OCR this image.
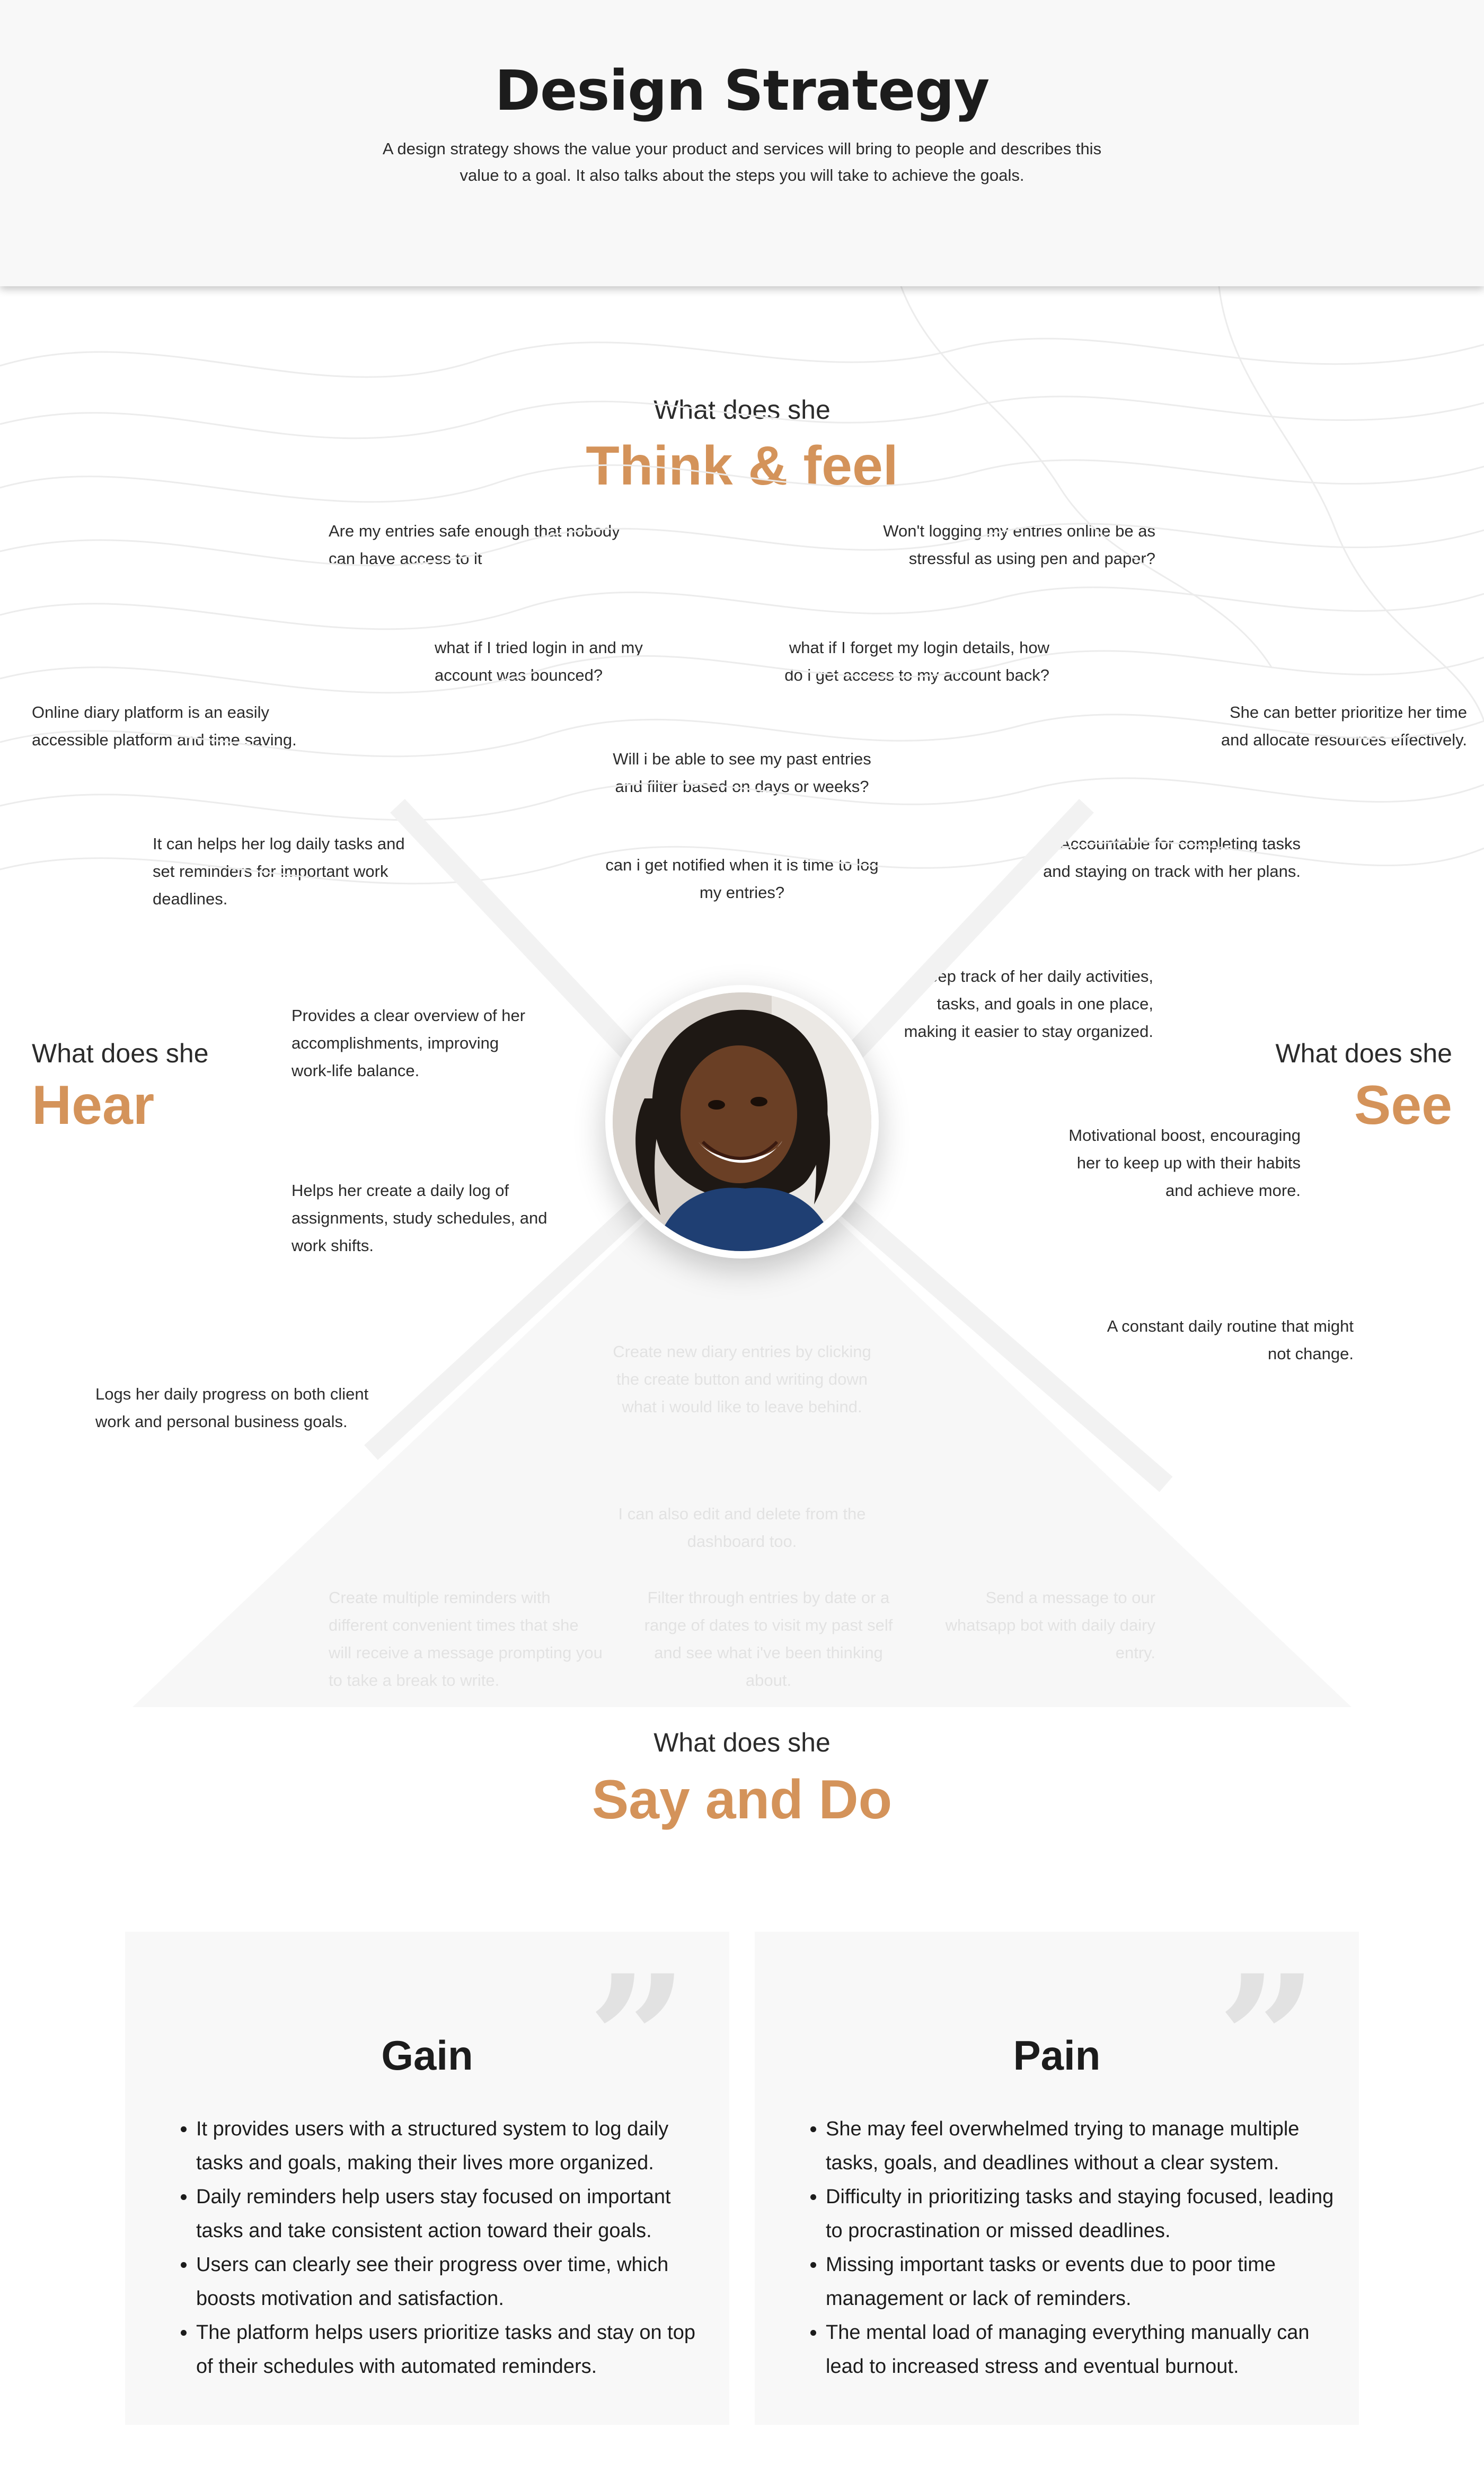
Design Strategy

A design strategy shows the value your product and services will bring to people and describes this value to a goal. It also talks about the steps you will take to achieve the goals.

What does she
Think & feel

Are my entries safe enough that nobody can have access to it

Won't logging my entries online be as stressful as using pen and paper?

what if I tried login in and my account was bounced?

what if I forget my login details, how do i get access to my account back?

Will i be able to see my past entries and filter based on days or weeks?

can i get notified when it is time to log my entries?

What does she
Hear

Online diary platform is an easily accessible platform and time saving.

It can helps her log daily tasks and set reminders for important work deadlines.

Provides a clear overview of her accomplishments, improving work-life balance.

Helps her create a daily log of assignments, study schedules, and work shifts.

Logs her daily progress on both client work and personal business goals.

What does she
See

She can better prioritize her time and allocate resources effectively.

Accountable for completing tasks and staying on track with her plans.

Keep track of her daily activities, tasks, and goals in one place, making it easier to stay organized.

Motivational boost, encouraging her to keep up with their habits and achieve more.

A constant daily routine that might not change.

What does she
Say and Do
”
Gain
• It provides users with a structured system to log daily tasks and goals, making their lives more organized.
• Daily reminders help users stay focused on important tasks and take consistent action toward their goals.
• Users can clearly see their progress over time, which boosts motivation and satisfaction.
• The platform helps users prioritize tasks and stay on top of their schedules with automated reminders.
”
Pain
• She may feel overwhelmed trying to manage multiple tasks, goals, and deadlines without a clear system.
• Difficulty in prioritizing tasks and staying focused, leading to procrastination or missed deadlines.
• Missing important tasks or events due to poor time management or lack of reminders.
• The mental load of managing everything manually can lead to increased stress and eventual burnout.
